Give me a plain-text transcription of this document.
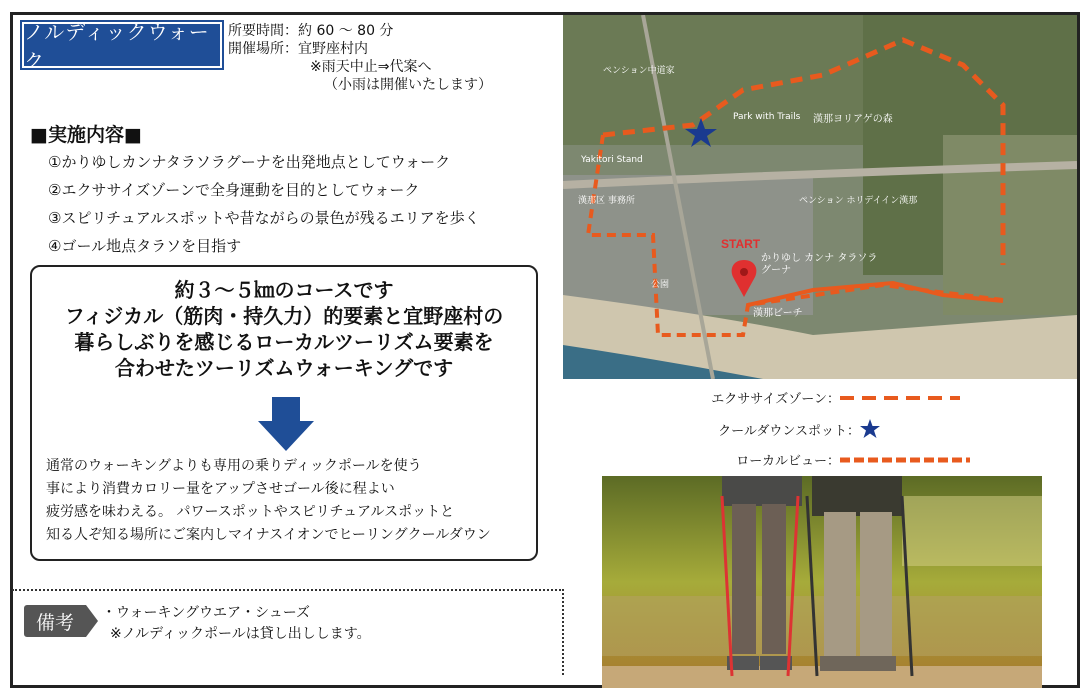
ノルディックウォーク
所要時間：約 60 〜 80 分
開催場所：宜野座村内

※雨天中止⇒代案へ
（小雨は開催いたします）
■実施内容■
①かりゆしカンナタラソラグーナを出発地点としてウォーク
②エクササイズゾーンで全身運動を目的としてウォーク
③スピリチュアルスポットや昔ながらの景色が残るエリアを歩く
④ゴール地点タラソを目指す
約３〜５㎞のコースです
フィジカル（筋肉・持久力）的要素と宜野座村の
暮らしぶりを感じるローカルツーリズム要素を
合わせたツーリズムウォーキングです
通常のウォーキングよりも専用の乗りディックポールを使う
事により消費カロリー量をアップさせゴール後に程よい
疲労感を味わえる。 パワースポットやスピリチュアルスポットと
知る人ぞ知る場所にご案内しマイナスイオンでヒーリングクールダウン
備考	・ウォーキングウエア・シューズ
※ノルディックポールは貸し出しします。
START
かりゆし カンナ タラソラグーナ
漢那ビーチ
漢那ヨリアゲの森
Park with Trails
ペンション ホリデイイン漢那
ペンション中道家
Yakitori Stand
漢那区 事務所
公園
エクササイズゾーン：
クールダウンスポット：
ローカルビュー：
